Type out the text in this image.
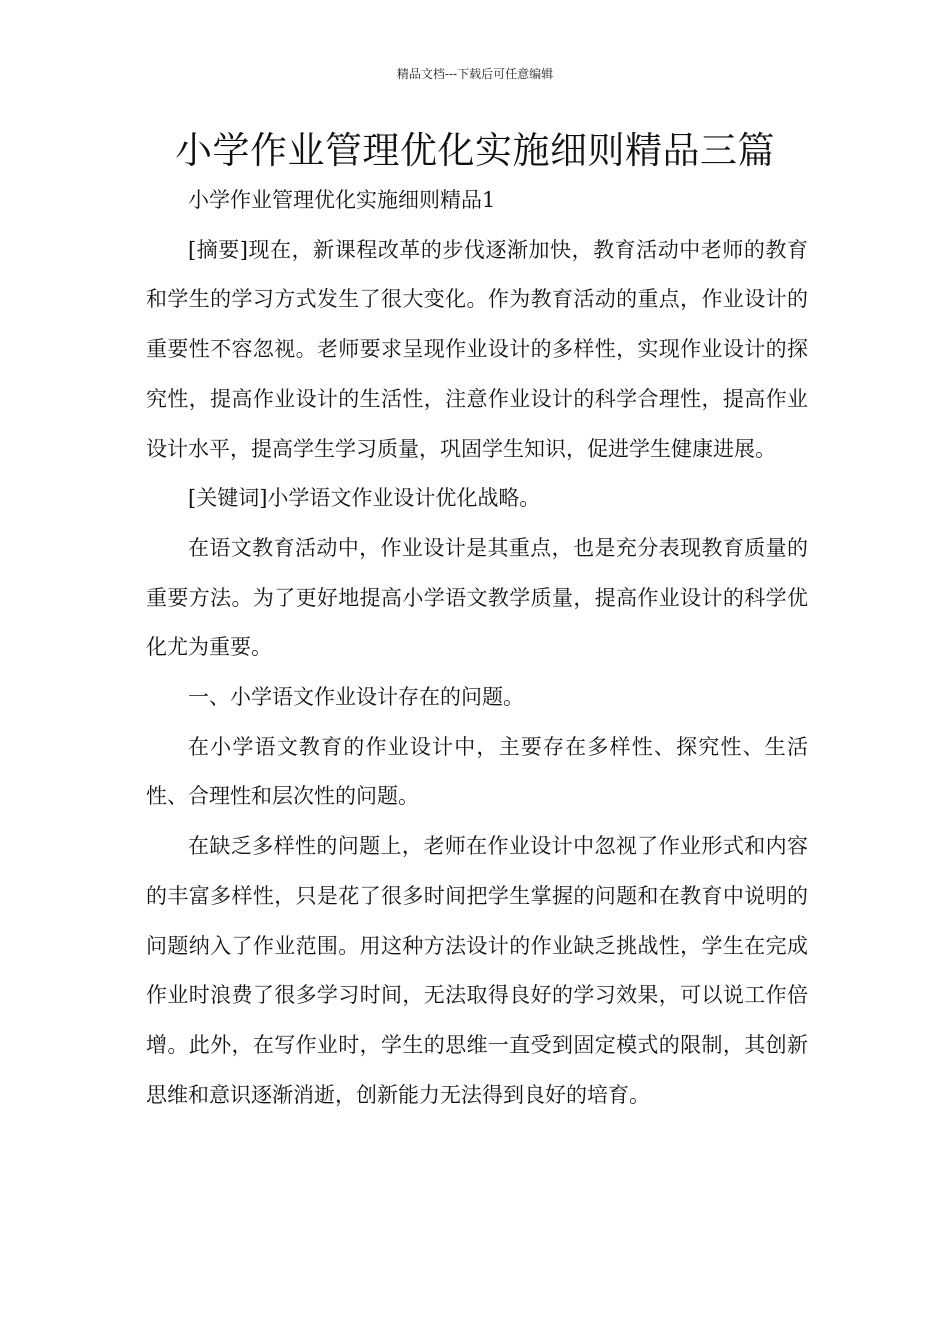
精品文档---下载后可任意编辑
小学作业管理优化实施细则精品三篇

小学作业管理优化实施细则精品1

[摘要]现在，新课程改革的步伐逐渐加快，教育活动中老师的教育和学生的学习方式发生了很大变化。作为教育活动的重点，作业设计的重要性不容忽视。老师要求呈现作业设计的多样性，实现作业设计的探究性，提高作业设计的生活性，注意作业设计的科学合理性，提高作业设计水平，提高学生学习质量，巩固学生知识，促进学生健康进展。

[关键词]小学语文作业设计优化战略。

在语文教育活动中，作业设计是其重点，也是充分表现教育质量的重要方法。为了更好地提高小学语文教学质量，提高作业设计的科学优化尤为重要。

一、小学语文作业设计存在的问题。

在小学语文教育的作业设计中，主要存在多样性、探究性、生活性、合理性和层次性的问题。

在缺乏多样性的问题上，老师在作业设计中忽视了作业形式和内容的丰富多样性，只是花了很多时间把学生掌握的问题和在教育中说明的问题纳入了作业范围。用这种方法设计的作业缺乏挑战性，学生在完成作业时浪费了很多学习时间，无法取得良好的学习效果，可以说工作倍增。此外，在写作业时，学生的思维一直受到固定模式的限制，其创新思维和意识逐渐消逝，创新能力无法得到良好的培育。
